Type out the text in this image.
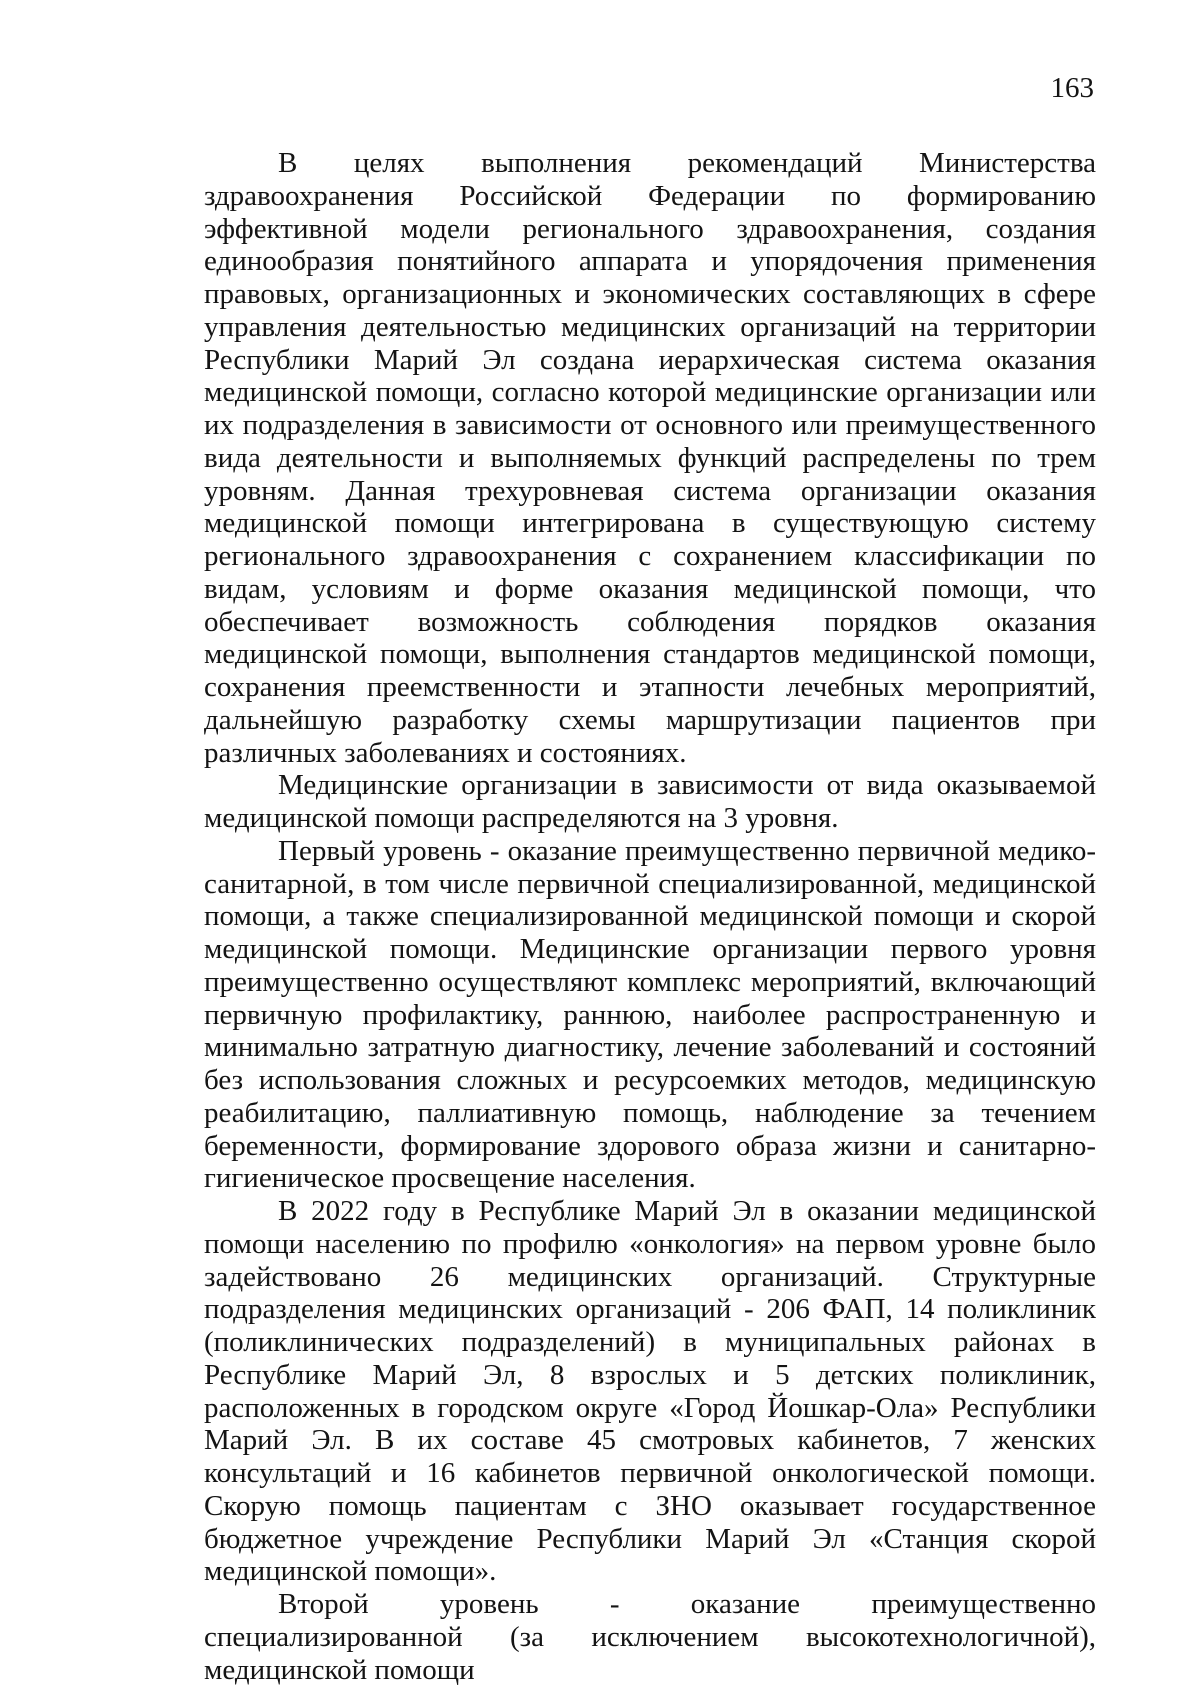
163

В целях выполнения рекомендаций Министерства здравоохранения Российской Федерации по формированию эффективной модели регионального здравоохранения, создания единообразия понятийного аппарата и упорядочения применения правовых, организационных и экономических составляющих в сфере управления деятельностью медицинских организаций на территории Республики Марий Эл создана иерархическая система оказания медицинской помощи, согласно которой медицинские организации или их подразделения в зависимости от основного или преимущественного вида деятельности и выполняемых функций распределены по трем уровням. Данная трехуровневая система организации оказания медицинской помощи интегрирована в существующую систему регионального здравоохранения с сохранением классификации по видам, условиям и форме оказания медицинской помощи, что обеспечивает возможность соблюдения порядков оказания медицинской помощи, выполнения стандартов медицинской помощи, сохранения преемственности и этапности лечебных мероприятий, дальнейшую разработку схемы маршрутизации пациентов при различных заболеваниях и состояниях.

Медицинские организации в зависимости от вида оказываемой медицинской помощи распределяются на 3 уровня.

Первый уровень - оказание преимущественно первичной медико-санитарной, в том числе первичной специализированной, медицинской помощи, а также специализированной медицинской помощи и скорой медицинской помощи. Медицинские организации первого уровня преимущественно осуществляют комплекс мероприятий, включающий первичную профилактику, раннюю, наиболее распространенную и минимально затратную диагностику, лечение заболеваний и состояний без использования сложных и ресурсоемких методов, медицинскую реабилитацию, паллиативную помощь, наблюдение за течением беременности, формирование здорового образа жизни и санитарно-гигиеническое просвещение населения.

В 2022 году в Республике Марий Эл в оказании медицинской помощи населению по профилю «онкология» на первом уровне было задействовано 26 медицинских организаций. Структурные подразделения медицинских организаций - 206 ФАП, 14 поликлиник (поликлинических подразделений) в муниципальных районах в Республике Марий Эл, 8 взрослых и 5 детских поликлиник, расположенных в городском округе «Город Йошкар-Ола» Республики Марий Эл. В их составе 45 смотровых кабинетов, 7 женских консультаций и 16 кабинетов первичной онкологической помощи. Скорую помощь пациентам с ЗНО оказывает государственное бюджетное учреждение Республики Марий Эл «Станция скорой медицинской помощи».

Второй уровень - оказание преимущественно специализированной (за исключением высокотехнологичной), медицинской помощи
